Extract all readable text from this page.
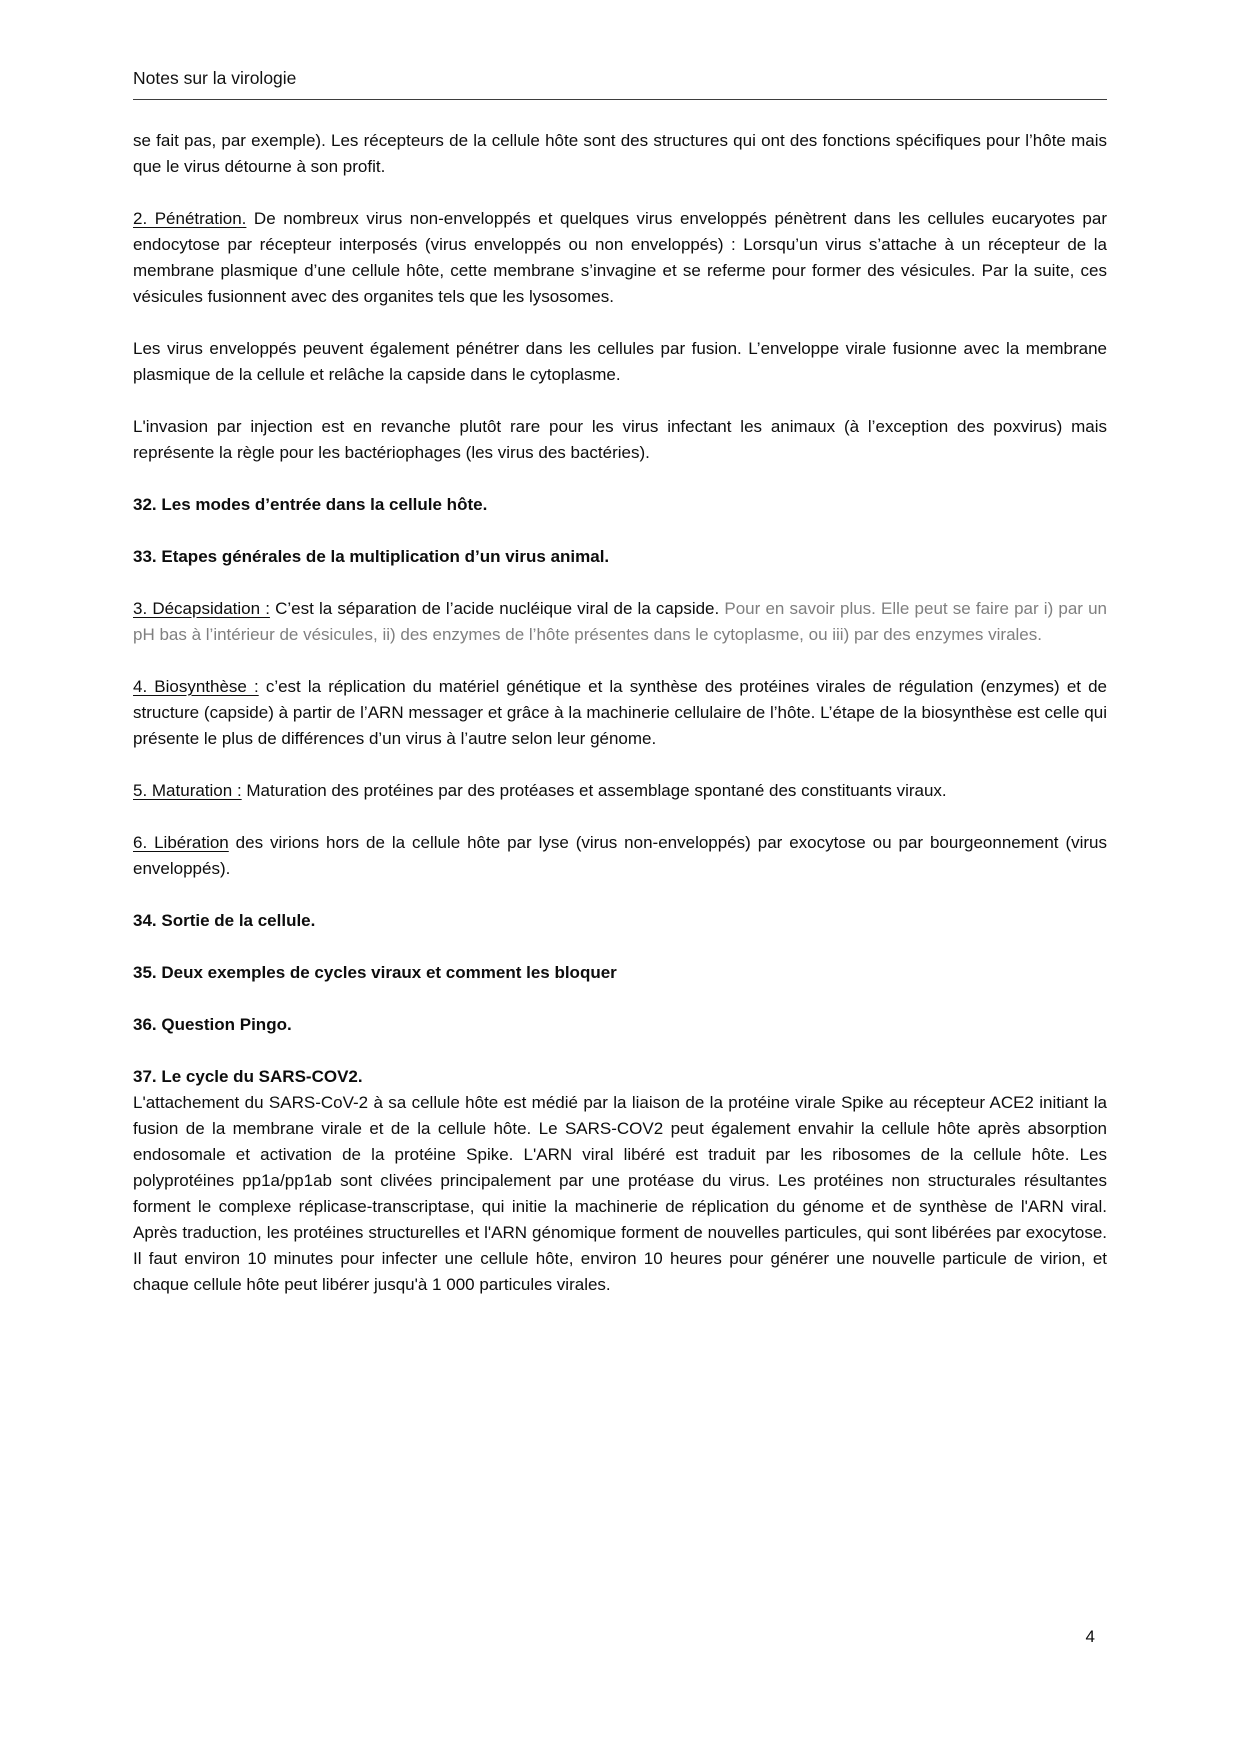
Notes sur la virologie

se fait pas, par exemple). Les récepteurs de la cellule hôte sont des structures qui ont des fonctions spécifiques pour l’hôte mais que le virus détourne à son profit.

2. Pénétration. De nombreux virus non-enveloppés et quelques virus enveloppés pénètrent dans les cellules eucaryotes par endocytose par récepteur interposés (virus enveloppés ou non enveloppés) : Lorsqu’un virus s’attache à un récepteur de la membrane plasmique d’une cellule hôte, cette membrane s’invagine et se referme pour former des vésicules. Par la suite, ces vésicules fusionnent avec des organites tels que les lysosomes.

Les virus enveloppés peuvent également pénétrer dans les cellules par fusion. L’enveloppe virale fusionne avec la membrane plasmique de la cellule et relâche la capside dans le cytoplasme.

L'invasion par injection est en revanche plutôt rare pour les virus infectant les animaux (à l’exception des poxvirus) mais représente la règle pour les bactériophages (les virus des bactéries).

32. Les modes d’entrée dans la cellule hôte.

33. Etapes générales de la multiplication d’un virus animal.

3. Décapsidation : C’est la séparation de l’acide nucléique viral de la capside. Pour en savoir plus. Elle peut se faire par i) par un pH bas à l’intérieur de vésicules, ii) des enzymes de l’hôte présentes dans le cytoplasme, ou iii) par des enzymes virales.

4. Biosynthèse : c’est la réplication du matériel génétique et la synthèse des protéines virales de régulation (enzymes) et de structure (capside) à partir de l’ARN messager et grâce à la machinerie cellulaire de l’hôte. L’étape de la biosynthèse est celle qui présente le plus de différences d’un virus à l’autre selon leur génome.

5. Maturation : Maturation des protéines par des protéases et assemblage spontané des constituants viraux.

6. Libération des virions hors de la cellule hôte par lyse (virus non-enveloppés) par exocytose ou par bourgeonnement (virus enveloppés).

34. Sortie de la cellule.

35. Deux exemples de cycles viraux et comment les bloquer

36. Question Pingo.

37. Le cycle du SARS-COV2.

L'attachement du SARS-CoV-2 à sa cellule hôte est médié par la liaison de la protéine virale Spike au récepteur ACE2 initiant la fusion de la membrane virale et de la cellule hôte. Le SARS-COV2 peut également envahir la cellule hôte après absorption endosomale et activation de la protéine Spike. L'ARN viral libéré est traduit par les ribosomes de la cellule hôte. Les polyprotéines pp1a/pp1ab sont clivées principalement par une protéase du virus. Les protéines non structurales résultantes forment le complexe réplicase-transcriptase, qui initie la machinerie de réplication du génome et de synthèse de l'ARN viral. Après traduction, les protéines structurelles et l'ARN génomique forment de nouvelles particules, qui sont libérées par exocytose. Il faut environ 10 minutes pour infecter une cellule hôte, environ 10 heures pour générer une nouvelle particule de virion, et chaque cellule hôte peut libérer jusqu'à 1 000 particules virales.

4
